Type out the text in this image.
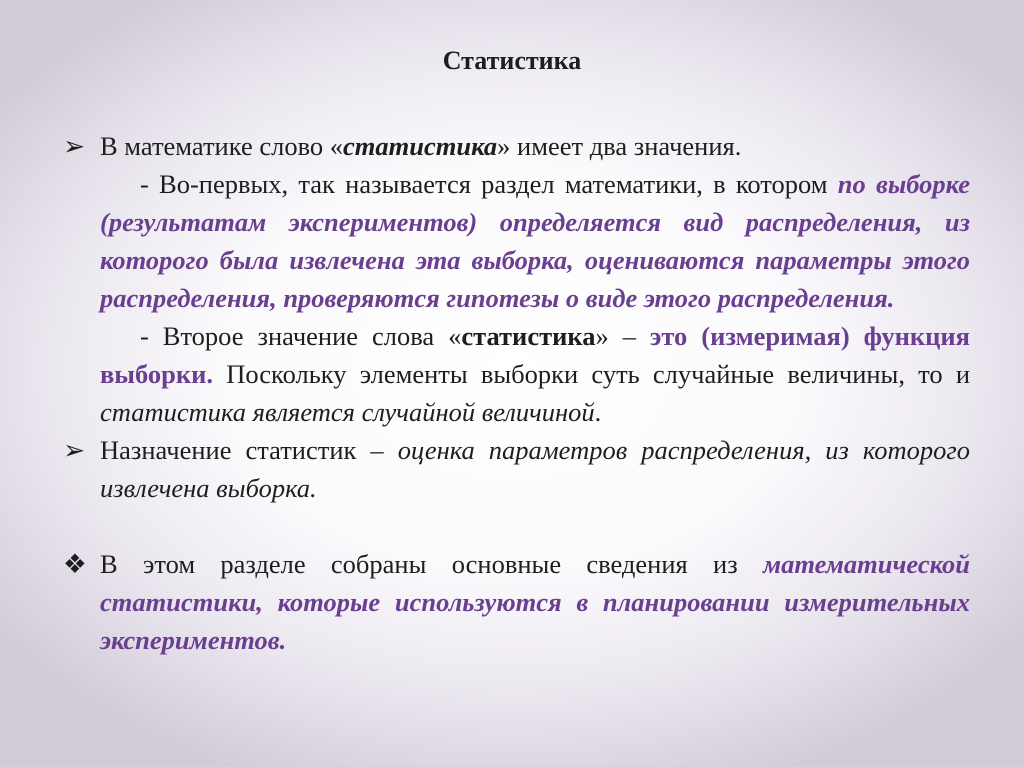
Статистика

➢ В математике слово «статистика» имеет два значения.

- Во-первых, так называется раздел математики, в котором по выборке (результатам экспериментов) определяется вид распределения, из которого была извлечена эта выборка, оцениваются параметры этого распределения, проверяются гипотезы о виде этого распределения.

- Второе значение слова «статистика» – это (измеримая) функция выборки. Поскольку элементы выборки суть случайные величины, то и статистика является случайной величиной.

➢ Назначение статистик – оценка параметров распределения, из которого извлечена выборка.

❖ В этом разделе собраны основные сведения из математической статистики, которые используются в планировании измерительных экспериментов.
